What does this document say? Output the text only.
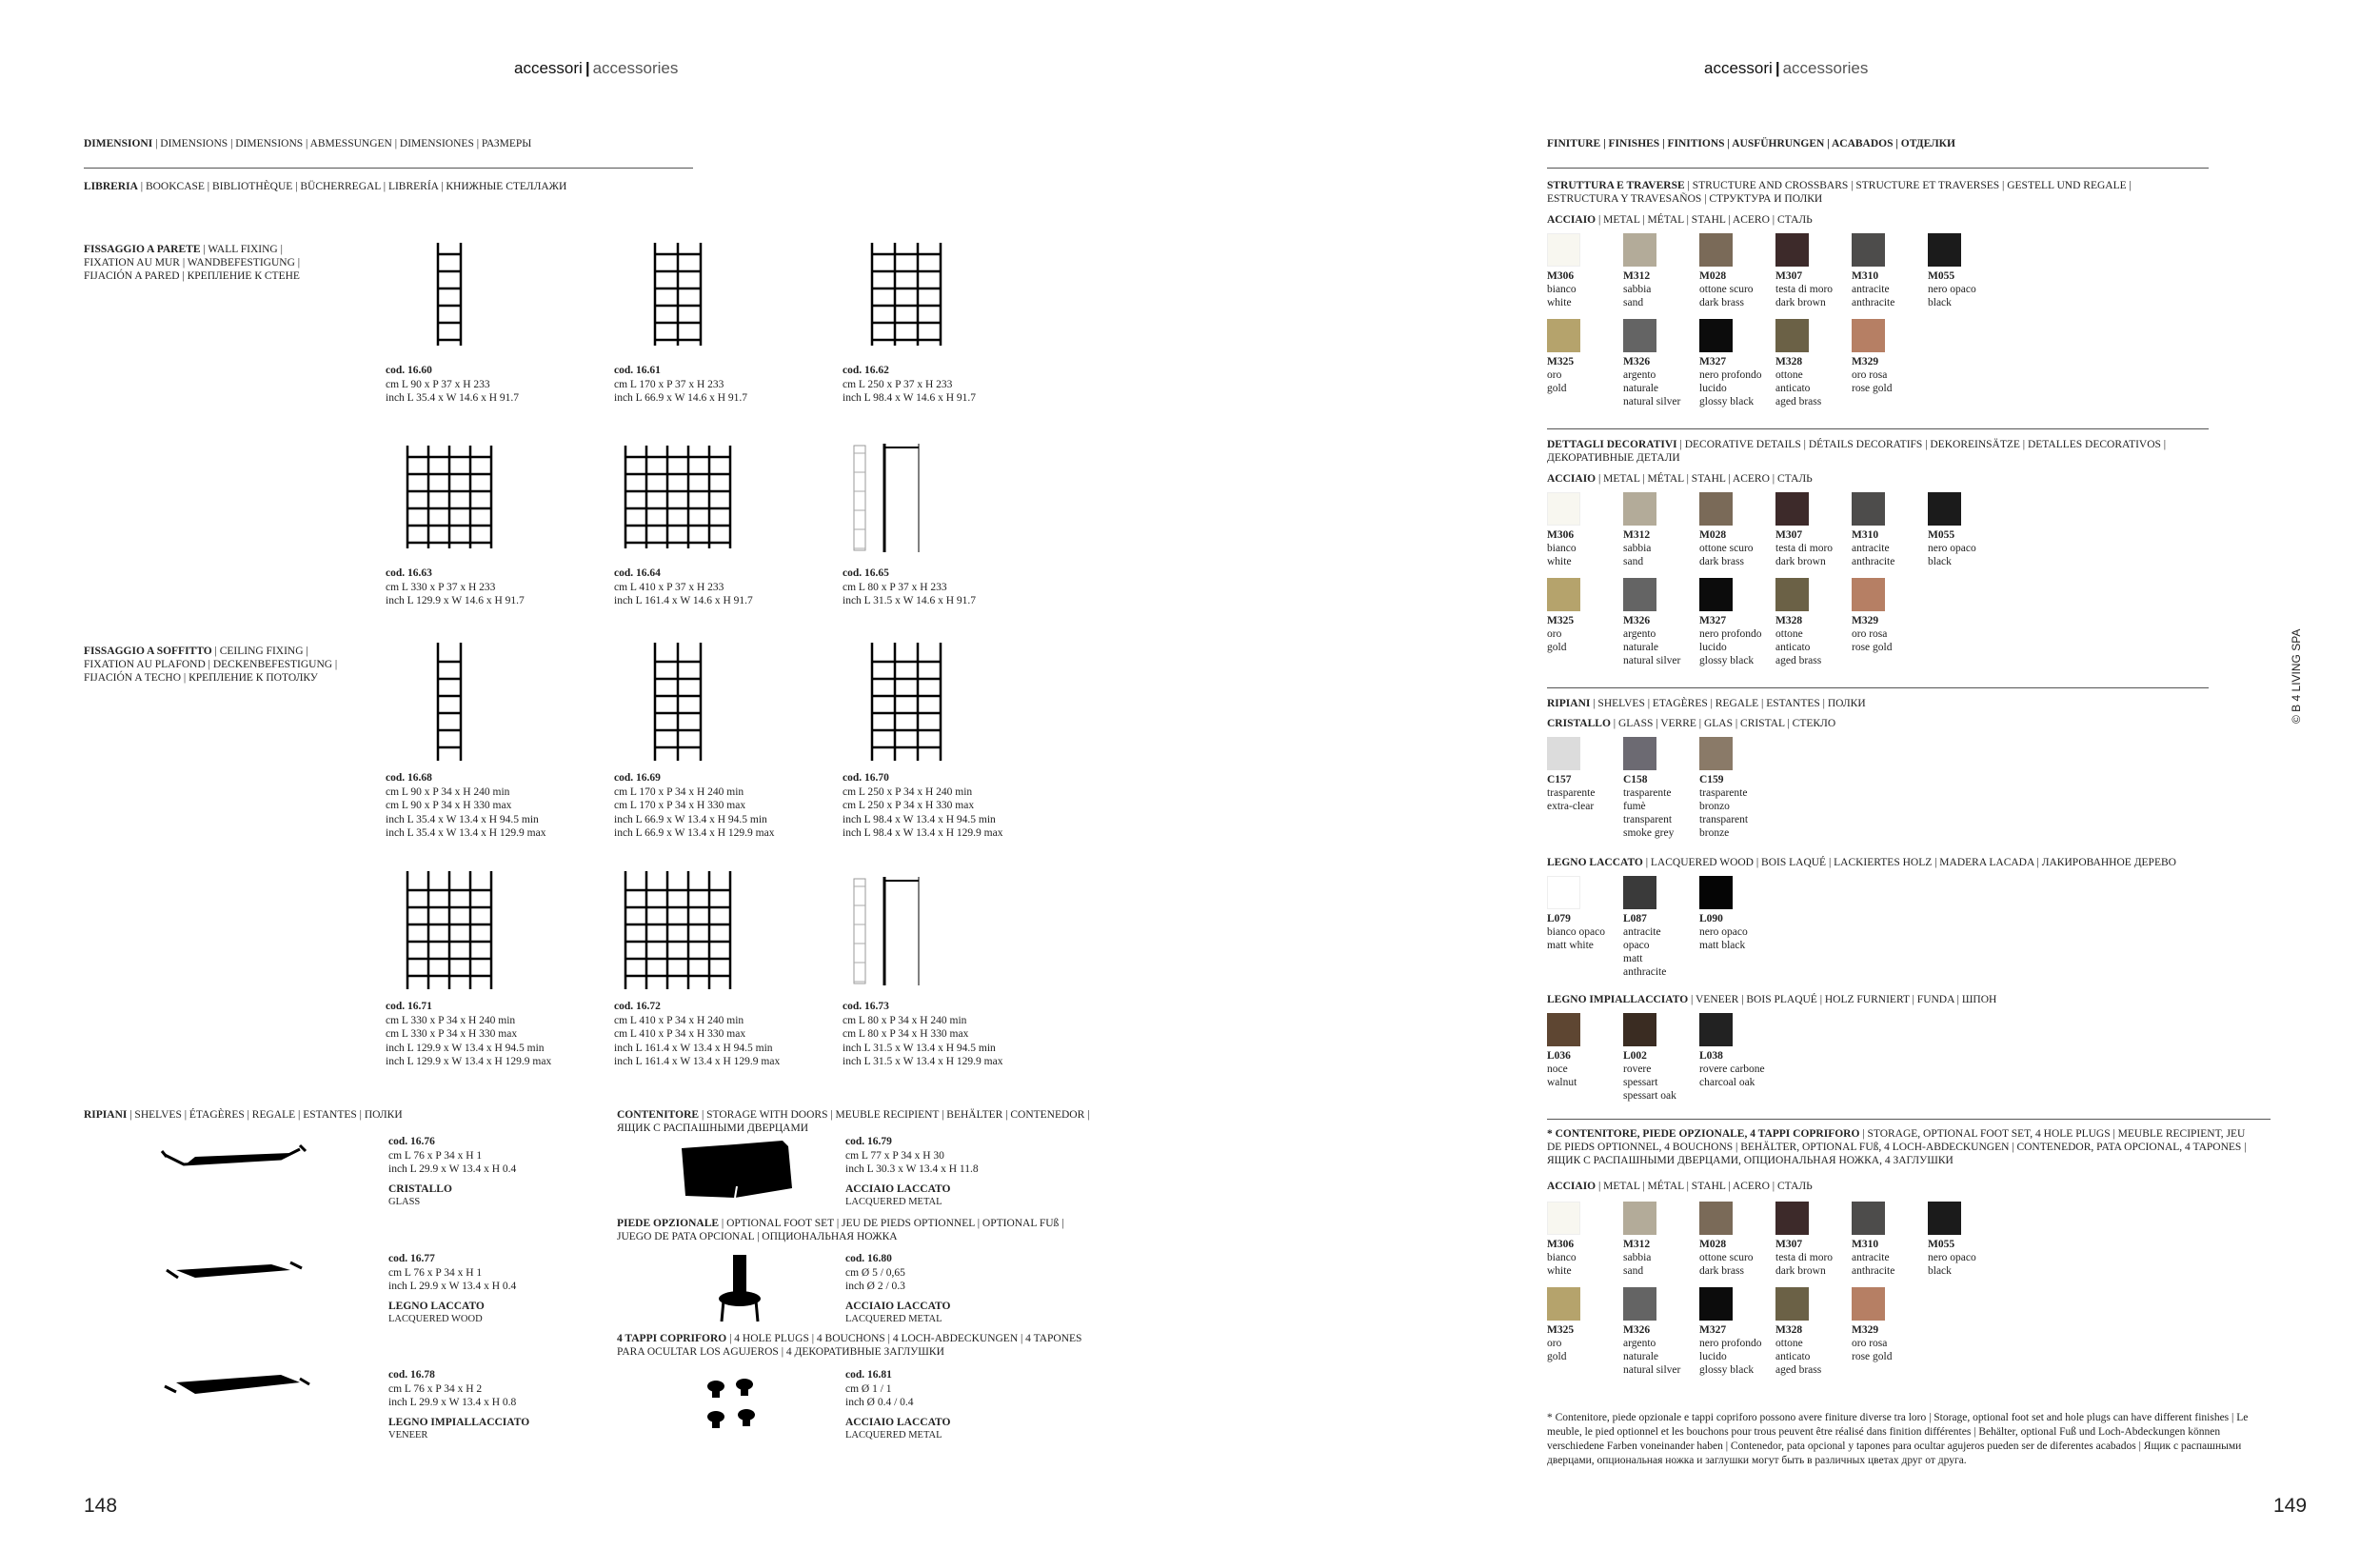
accessori | accessories
DIMENSIONI | DIMENSIONS | DIMENSIONS | ABMESSUNGEN | DIMENSIONES | РАЗМЕРЫ
LIBRERIA | BOOKCASE | BIBLIOTHÈQUE | BÜCHERREGAL | LIBRERÍA | КНИЖНЫЕ СТЕЛЛАЖИ
FISSAGGIO A PARETE | WALL FIXING |
FIXATION AU MUR | WANDBEFESTIGUNG |
FIJACIÓN A PARED | КРЕПЛЕНИЕ К СТЕНЕ
FISSAGGIO A SOFFITTO | CEILING FIXING |
FIXATION AU PLAFOND | DECKENBEFESTIGUNG |
FIJACIÓN A TECHO | КРЕПЛЕНИЕ К ПОТОЛКУ
cod. 16.60
cm L 90 x P 37 x H 233
inch L 35.4 x W 14.6 x H 91.7
cod. 16.61
cm L 170 x P 37 x H 233
inch L 66.9 x W 14.6 x H 91.7
cod. 16.62
cm L 250 x P 37 x H 233
inch L 98.4 x W 14.6 x H 91.7
cod. 16.63
cm L 330 x P 37 x H 233
inch L 129.9 x W 14.6 x H 91.7
cod. 16.64
cm L 410 x P 37 x H 233
inch L 161.4 x W 14.6 x H 91.7
cod. 16.65
cm L 80 x P 37 x H 233
inch L 31.5 x W 14.6 x H 91.7
cod. 16.68
cm L 90 x P 34 x H 240 min
cm L 90 x P 34 x H 330 max
inch L 35.4 x W 13.4 x H 94.5 min
inch L 35.4 x W 13.4 x H 129.9 max
cod. 16.69
cm L 170 x P 34 x H 240 min
cm L 170 x P 34 x H 330 max
inch L 66.9 x W 13.4 x H 94.5 min
inch L 66.9 x W 13.4 x H 129.9 max
cod. 16.70
cm L 250 x P 34 x H 240 min
cm L 250 x P 34 x H 330 max
inch L 98.4 x W 13.4 x H 94.5 min
inch L 98.4 x W 13.4 x H 129.9 max
cod. 16.71
cm L 330 x P 34 x H 240 min
cm L 330 x P 34 x H 330 max
inch L 129.9 x W 13.4 x H 94.5 min
inch L 129.9 x W 13.4 x H 129.9 max
cod. 16.72
cm L 410 x P 34 x H 240 min
cm L 410 x P 34 x H 330 max
inch L 161.4 x W 13.4 x H 94.5 min
inch L 161.4 x W 13.4 x H 129.9 max
cod. 16.73
cm L 80 x P 34 x H 240 min
cm L 80 x P 34 x H 330 max
inch L 31.5 x W 13.4 x H 94.5 min
inch L 31.5 x W 13.4 x H 129.9 max
RIPIANI | SHELVES | ÉTAGÈRES | REGALE | ESTANTES | ПОЛКИ
cod. 16.76
cm L 76 x P 34 x H 1
inch L 29.9 x W 13.4 x H 0.4
CRISTALLO
GLASS
cod. 16.77
cm L 76 x P 34 x H 1
inch L 29.9 x W 13.4 x H 0.4
LEGNO LACCATO
LACQUERED WOOD
cod. 16.78
cm L 76 x P 34 x H 2
inch L 29.9 x W 13.4 x H 0.8
LEGNO IMPIALLACCIATO
VENEER
CONTENITORE | STORAGE WITH DOORS | MEUBLE RECIPIENT | BEHÄLTER | CONTENEDOR |
ЯЩИК С РАСПАШНЫМИ ДВЕРЦАМИ
cod. 16.79
cm L 77 x P 34 x H 30
inch L 30.3 x W 13.4 x H 11.8
ACCIAIO LACCATO
LACQUERED METAL
PIEDE OPZIONALE | OPTIONAL FOOT SET | JEU DE PIEDS OPTIONNEL | OPTIONAL FUß |
JUEGO DE PATA OPCIONAL | ОПЦИОНАЛЬНАЯ НОЖКА
cod. 16.80
cm Ø 5 / 0,65
inch Ø 2 / 0.3
ACCIAIO LACCATO
LACQUERED METAL
4 TAPPI COPRIFORO | 4 HOLE PLUGS | 4 BOUCHONS | 4 LOCH-ABDECKUNGEN | 4 TAPONES
PARA OCULTAR LOS AGUJEROS | 4 ДЕКОРАТИВНЫЕ ЗАГЛУШКИ
cod. 16.81
cm Ø 1 / 1
inch Ø 0.4 / 0.4
ACCIAIO LACCATO
LACQUERED METAL
148
accessori | accessories
FINITURE | FINISHES | FINITIONS | AUSFÜHRUNGEN | ACABADOS | ОТДЕЛКИ
STRUTTURA E TRAVERSE | STRUCTURE AND CROSSBARS | STRUCTURE ET TRAVERSES | GESTELL UND REGALE |
ESTRUCTURA Y TRAVESAÑOS | СТРУКТУРА И ПОЛКИ
ACCIAIO | METAL | MÉTAL | STAHL | ACERO | СТАЛЬ
DETTAGLI DECORATIVI | DECORATIVE DETAILS | DÉTAILS DECORATIFS | DEKOREINSÄTZE | DETALLES DECORATIVOS |
ДЕКОРАТИВНЫЕ ДЕТАЛИ
ACCIAIO | METAL | MÉTAL | STAHL | ACERO | СТАЛЬ
RIPIANI | SHELVES | ETAGÈRES | REGALE | ESTANTES | ПОЛКИ
CRISTALLO | GLASS | VERRE | GLAS | CRISTAL | СТЕКЛО
LEGNO LACCATO | LACQUERED WOOD | BOIS LAQUÉ | LACKIERTES HOLZ | MADERA LACADA | ЛАКИРОВАННОЕ ДЕРЕВО
LEGNO IMPIALLACCIATO | VENEER | BOIS PLAQUÉ | HOLZ FURNIERT | FUNDA | ШПОН
* CONTENITORE, PIEDE OPZIONALE, 4 TAPPI COPRIFORO | STORAGE, OPTIONAL FOOT SET, 4 HOLE PLUGS | MEUBLE RECIPIENT, JEU
DE PIEDS OPTIONNEL, 4 BOUCHONS | BEHÄLTER, OPTIONAL FUß, 4 LOCH-ABDECKUNGEN | CONTENEDOR, PATA OPCIONAL, 4 TAPONES |
ЯЩИК С РАСПАШНЫМИ ДВЕРЦАМИ, ОПЦИОНАЛЬНАЯ НОЖКА, 4 ЗАГЛУШКИ
ACCIAIO | METAL | MÉTAL | STAHL | ACERO | СТАЛЬ
149
* Contenitore, piede opzionale e tappi copriforo possono avere finiture diverse tra loro | Storage, optional foot set and hole plugs can have different finishes | Le meuble, le pied optionnel et les bouchons pour trous peuvent être réalisé dans finition différentes | Behälter, optional Fuß und Loch-Abdeckungen können verschiedene Farben voneinander haben | Contenedor, pata opcional y tapones para ocultar agujeros pueden ser de diferentes acabados | Ящик с распашными дверцами, опциональная ножка и заглушки могут быть в различных цветах друг от друга.
© B 4 LIVING SPA
M306
bianco
white
M312
sabbia
sand
M028
ottone scuro
dark brass
M307
testa di moro
dark brown
M310
antracite
anthracite
M055
nero opaco
black
M325
oro
gold
M326
argento
naturale
natural silver
M327
nero profondo
lucido
glossy black
M328
ottone
anticato
aged brass
M329
oro rosa
rose gold
M306
bianco
white
M312
sabbia
sand
M028
ottone scuro
dark brass
M307
testa di moro
dark brown
M310
antracite
anthracite
M055
nero opaco
black
M325
oro
gold
M326
argento
naturale
natural silver
M327
nero profondo
lucido
glossy black
M328
ottone
anticato
aged brass
M329
oro rosa
rose gold
C157
trasparente
extra-clear
C158
trasparente
fumè
transparent
smoke grey
C159
trasparente
bronzo
transparent
bronze
L079
bianco opaco
matt white
L087
antracite
opaco
matt
anthracite
L090
nero opaco
matt black
L036
noce
walnut
L002
rovere
spessart
spessart oak
L038
rovere carbone
charcoal oak
M306
bianco
white
M312
sabbia
sand
M028
ottone scuro
dark brass
M307
testa di moro
dark brown
M310
antracite
anthracite
M055
nero opaco
black
M325
oro
gold
M326
argento
naturale
natural silver
M327
nero profondo
lucido
glossy black
M328
ottone
anticato
aged brass
M329
oro rosa
rose gold
